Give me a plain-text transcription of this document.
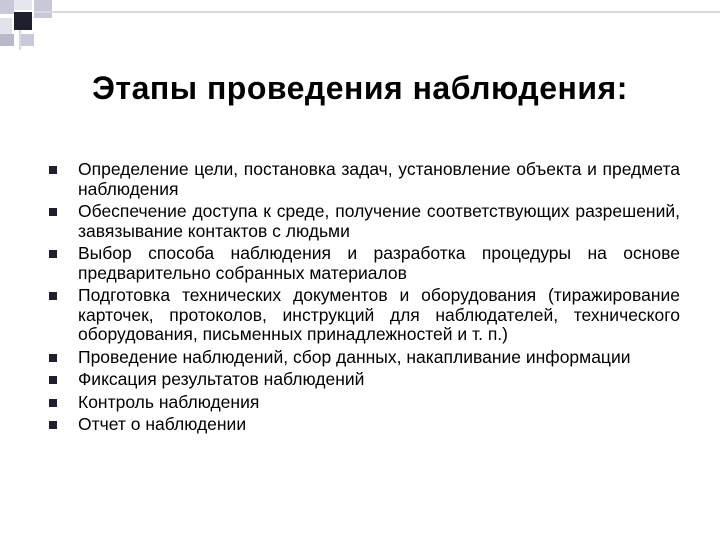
Этапы проведения наблюдения:
Определение цели, постановка задач, установление объекта и предмета наблюдения
Обеспечение доступа к среде, получение соответствующих разрешений, завязывание контактов с людьми
Выбор способа наблюдения и разработка процедуры на основе предварительно собранных материалов
Подготовка технических документов и оборудования (тиражирование карточек, протоколов, инструкций для наблюдателей, технического оборудования, письменных принадлежностей и т. п.)
Проведение наблюдений, сбор данных, накапливание информации
Фиксация результатов наблюдений
Контроль наблюдения
Отчет о наблюдении
